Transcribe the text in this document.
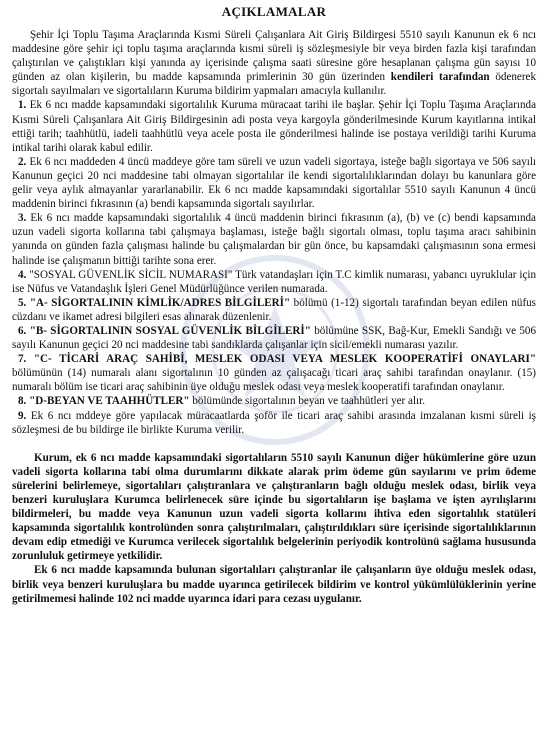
AÇIKLAMALAR

Şehir İçi Toplu Taşıma Araçlarında Kısmi Süreli Çalışanlara Ait Giriş Bildirgesi 5510 sayılı Kanunun ek 6 ncı maddesine göre şehir içi toplu taşıma araçlarında kısmi süreli iş sözleşmesiyle bir veya birden fazla kişi tarafından çalıştırılan ve çalıştıkları kişi yanında ay içerisinde çalışma saati süresine göre hesaplanan çalışma gün sayısı 10 günden az olan kişilerin, bu madde kapsamında primlerinin 30 gün üzerinden kendileri tarafından ödenerek sigortalı sayılmaları ve sigortalıların Kuruma bildirim yapmaları amacıyla kullanılır.

1. Ek 6 ncı madde kapsamındaki sigortalılık Kuruma müracaat tarihi ile başlar. Şehir İçi Toplu Taşıma Araçlarında Kısmi Süreli Çalışanlara Ait Giriş Bildirgesinin adi posta veya kargoyla gönderilmesinde Kurum kayıtlarına intikal ettiği tarih; taahhütlü, iadeli taahhütlü veya acele posta ile gönderilmesi halinde ise postaya verildiği tarihi Kuruma intikal tarihi olarak kabul edilir.

2. Ek 6 ncı maddeden 4 üncü maddeye göre tam süreli ve uzun vadeli sigortaya, isteğe bağlı sigortaya ve 506 sayılı Kanunun geçici 20 nci maddesine tabi olmayan sigortalılar ile kendi sigortalılıklarından dolayı bu kanunlara göre gelir veya aylık almayanlar yararlanabilir. Ek 6 ncı madde kapsamındaki sigortalılar 5510 sayılı Kanunun 4 üncü maddenin birinci fıkrasının (a) bendi kapsamında sigortalı sayılırlar.

3. Ek 6 ncı madde kapsamındaki sigortalılık 4 üncü maddenin birinci fıkrasının (a), (b) ve (c) bendi kapsamında uzun vadeli sigorta kollarına tabi çalışmaya başlaması, isteğe bağlı sigortalı olması, toplu taşıma aracı sahibinin yanında on günden fazla çalışması halinde bu çalışmalardan bir gün önce, bu kapsamdaki çalışmasının sona ermesi halinde ise çalışmanın bittiği tarihte sona erer.

4. "SOSYAL GÜVENLİK SİCİL NUMARASI" Türk vatandaşları için T.C kimlik numarası, yabancı uyruklular için ise Nüfus ve Vatandaşlık İşleri Genel Müdürlüğünce verilen numarada.

5. "A- SİGORTALININ KİMLİK/ADRES BİLGİLERİ" bölümü (1-12) sigortalı tarafından beyan edilen nüfus cüzdanı ve ikamet adresi bilgileri esas alınarak düzenlenir.

6. "B- SİGORTALININ SOSYAL GÜVENLİK BİLGİLERİ" bölümüne SSK, Bağ-Kur, Emekli Sandığı ve 506 sayılı Kanunun geçici 20 nci maddesine tabi sandıklarda çalışanlar için sicil/emekli numarası yazılır.

7. "C- TİCARİ ARAÇ SAHİBİ, MESLEK ODASI VEYA MESLEK KOOPERATİFİ ONAYLARI" bölümünün (14) numaralı alanı sigortalının 10 günden az çalışacağı ticari araç sahibi tarafından onaylanır. (15) numaralı bölüm ise ticari araç sahibinin üye olduğu meslek odası veya meslek kooperatifi tarafından onaylanır.

8. "D-BEYAN VE TAAHHÜTLER" bölümünde sigortalının beyan ve taahhütleri yer alır.

9. Ek 6 ncı mddeye göre yapılacak müracaatlarda şoför ile ticari araç sahibi arasında imzalanan kısmi süreli iş sözleşmesi de bu bildirge ile birlikte Kuruma verilir.

Kurum, ek 6 ncı madde kapsamındaki sigortalıların 5510 sayılı Kanunun diğer hükümlerine göre uzun vadeli sigorta kollarına tabi olma durumlarını dikkate alarak prim ödeme gün sayılarını ve prim ödeme sürelerini belirlemeye, sigortalıları çalıştıranlara ve çalıştıranların bağlı olduğu meslek odası, birlik veya benzeri kuruluşlara Kurumca belirlenecek süre içinde bu sigortalıların işe başlama ve işten ayrılışlarını bildirmeleri, bu madde veya Kanunun uzun vadeli sigorta kollarını ihtiva eden sigortalılık statüleri kapsamında sigortalılık kontrolünden sonra çalıştırılmaları, çalıştırıldıkları süre içerisinde sigortalılıklarının devam edip etmediği ve Kurumca verilecek sigortalılık belgelerinin periyodik kontrolünü sağlama hususunda zorunluluk getirmeye yetkilidir.

Ek 6 ncı madde kapsamında bulunan sigortalıları çalıştıranlar ile çalışanların üye olduğu meslek odası, birlik veya benzeri kuruluşlara bu madde uyarınca getirilecek bildirim ve kontrol yükümlülüklerinin yerine getirilmemesi halinde 102 nci madde uyarınca idari para cezası uygulanır.
